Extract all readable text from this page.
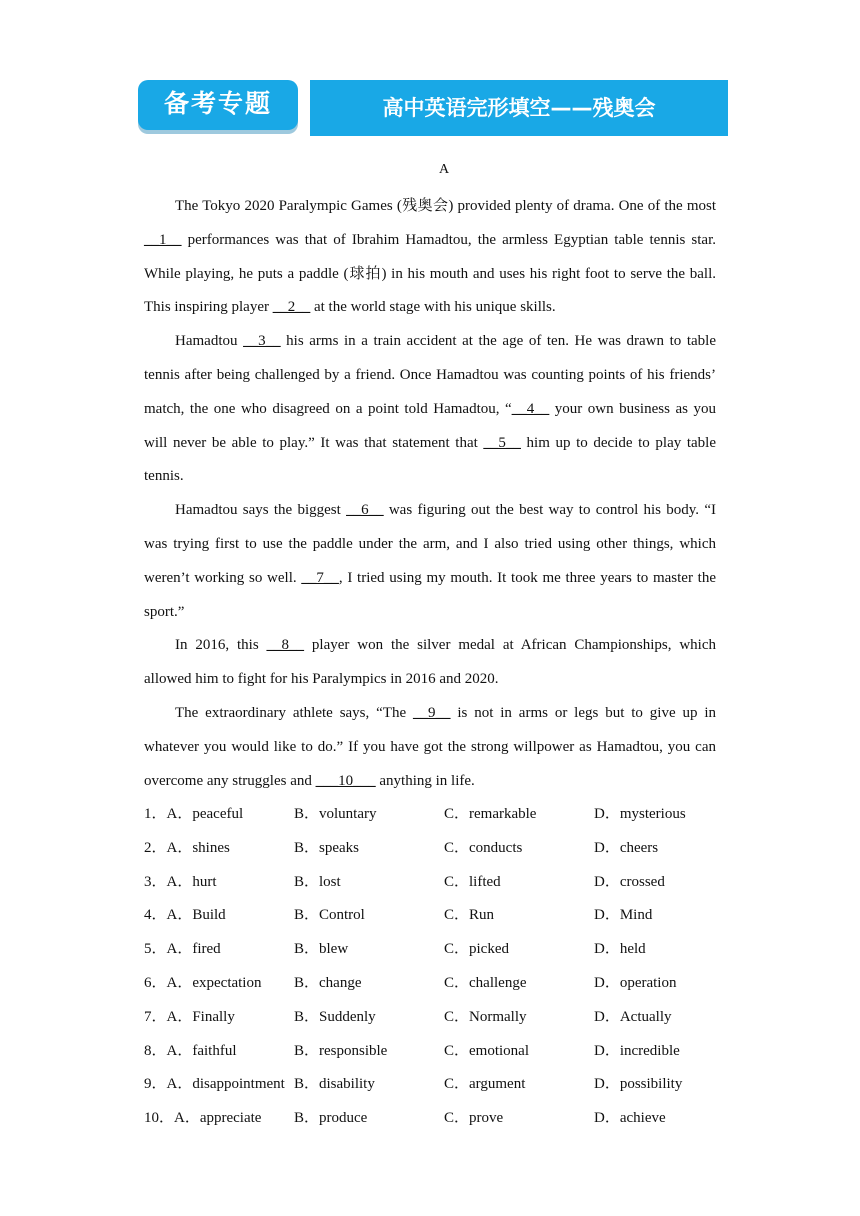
备考专题	高中英语完形填空——残奥会
A

The Tokyo 2020 Paralympic Games (残奥会) provided plenty of drama. One of the most __1__ performances was that of Ibrahim Hamadtou, the armless Egyptian table tennis star. While playing, he puts a paddle (球拍) in his mouth and uses his right foot to serve the ball. This inspiring player __2__ at the world stage with his unique skills.

Hamadtou __3__ his arms in a train accident at the age of ten. He was drawn to table tennis after being challenged by a friend. Once Hamadtou was counting points of his friends’ match, the one who disagreed on a point told Hamadtou, “__4__ your own business as you will never be able to play.” It was that statement that __5__ him up to decide to play table tennis.

Hamadtou says the biggest __6__ was figuring out the best way to control his body. “I was trying first to use the paddle under the arm, and I also tried using other things, which weren’t working so well. __7__, I tried using my mouth. It took me three years to master the sport.”

In 2016, this __8__ player won the silver medal at African Championships, which allowed him to fight for his Paralympics in 2016 and 2020.

The extraordinary athlete says, “The __9__ is not in arms or legs but to give up in whatever you would like to do.” If you have got the strong willpower as Hamadtou, you can overcome any struggles and ___10___ anything in life.

1．A．peaceful	B．voluntary	C．remarkable	D．mysterious
2．A．shines	B．speaks	C．conducts	D．cheers
3．A．hurt	B．lost	C．lifted	D．crossed
4．A．Build	B．Control	C．Run	D．Mind
5．A．fired	B．blew	C．picked	D．held
6．A．expectation B．change	C．challenge	D．operation
7．A．Finally	B．Suddenly	C．Normally	D．Actually
8．A．faithful	B．responsible	C．emotional	D．incredible
9．A．disappointment B．disability	C．argument	D．possibility
10．A．appreciate B．produce	C．prove	D．achieve
